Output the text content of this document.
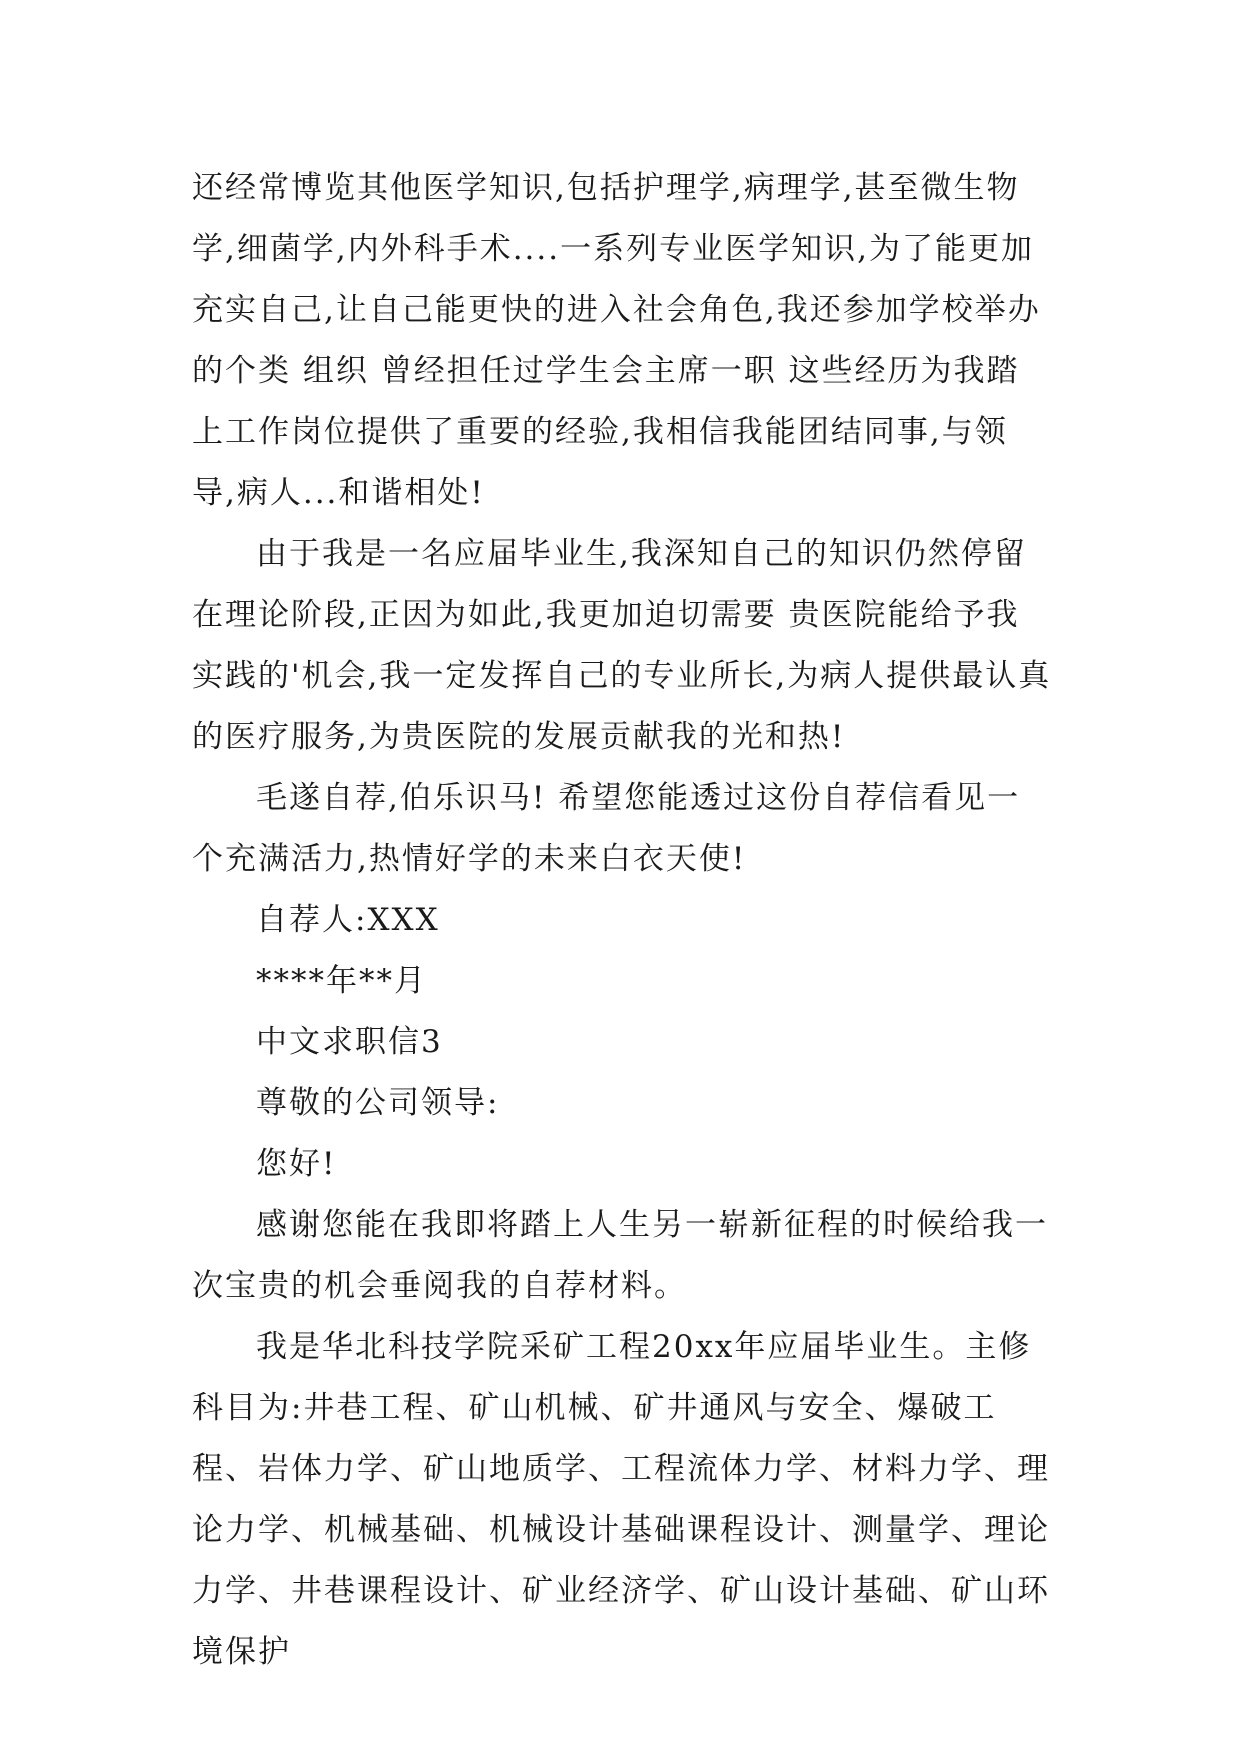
还经常博览其他医学知识,包括护理学,病理学,甚至微生物学,细菌学,内外科手术....一系列专业医学知识,为了能更加充实自己,让自己能更快的进入社会角色,我还参加学校举办的个类 组织 曾经担任过学生会主席一职 这些经历为我踏上工作岗位提供了重要的经验,我相信我能团结同事,与领导,病人...和谐相处!

由于我是一名应届毕业生,我深知自己的知识仍然停留在理论阶段,正因为如此,我更加迫切需要 贵医院能给予我实践的'机会,我一定发挥自己的专业所长,为病人提供最认真的医疗服务,为贵医院的发展贡献我的光和热!

毛遂自荐,伯乐识马! 希望您能透过这份自荐信看见一个充满活力,热情好学的未来白衣天使!

自荐人:XXX

****年**月

中文求职信3

尊敬的公司领导:

您好!

感谢您能在我即将踏上人生另一崭新征程的时候给我一次宝贵的机会垂阅我的自荐材料。

我是华北科技学院采矿工程20xx年应届毕业生。主修科目为:井巷工程、矿山机械、矿井通风与安全、爆破工程、岩体力学、矿山地质学、工程流体力学、材料力学、理论力学、机械基础、机械设计基础课程设计、测量学、理论力学、井巷课程设计、矿业经济学、矿山设计基础、矿山环境保护
